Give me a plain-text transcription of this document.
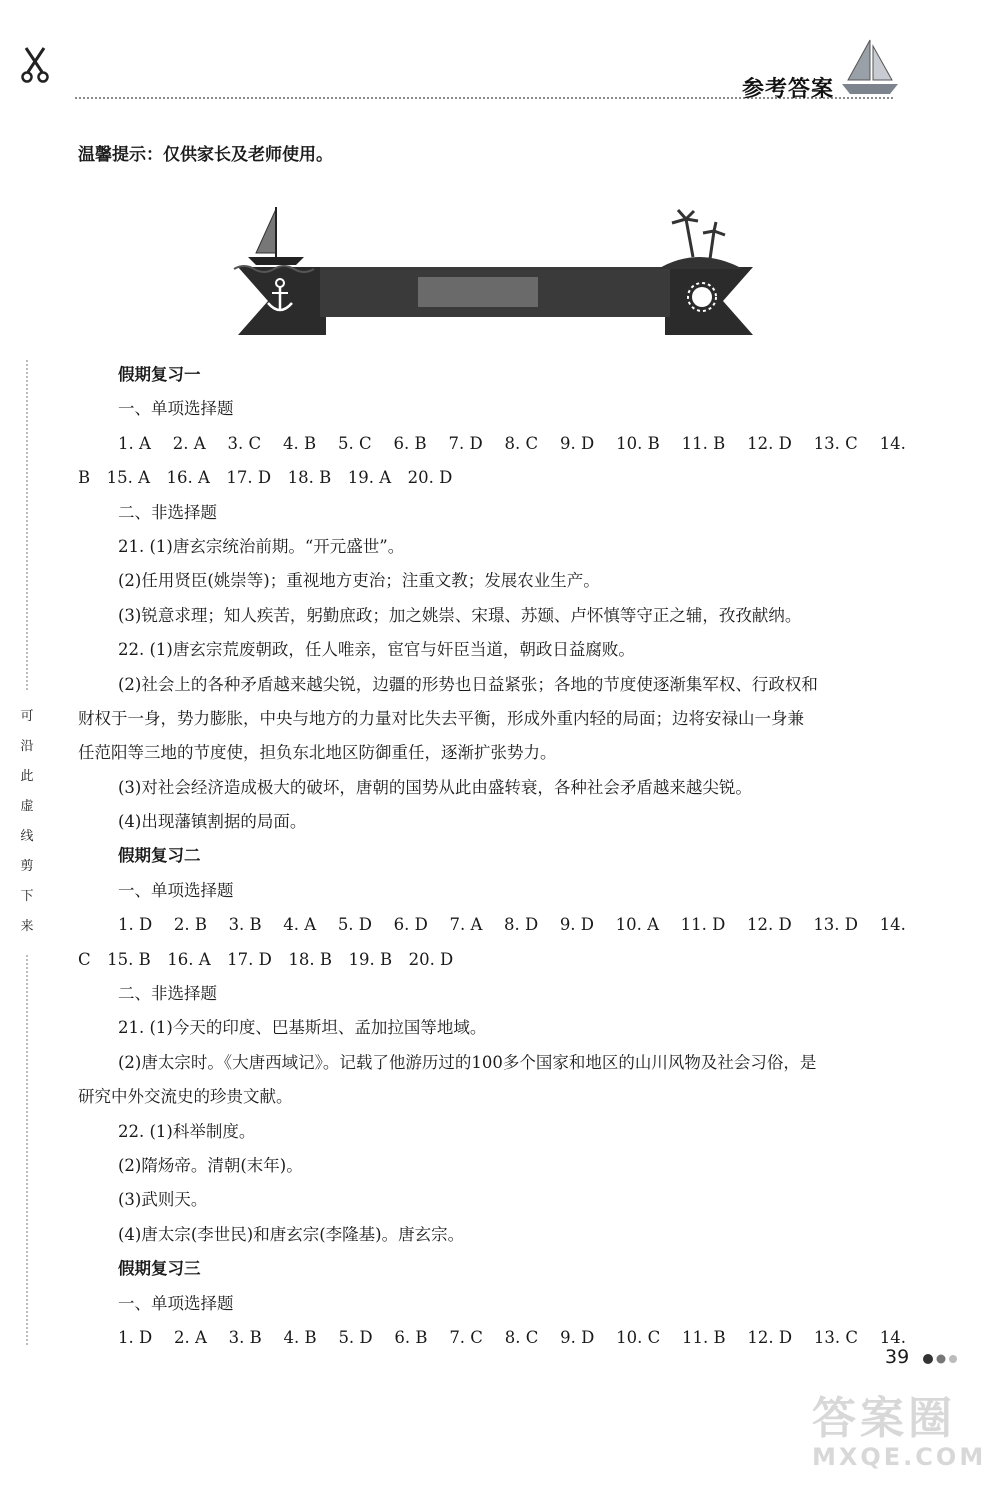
参考答案
温馨提示：仅供家长及老师使用。
可
沿
此
虚
线
剪
下
来
假期复习一
一、单项选择题
1. A 2. A 3. C 4. B 5. C 6. B 7. D 8. C 9. D 10. B 11. B 12. D 13. C 14.
B　15. A　16. A　17. D　18. B　19. A　20. D
二、非选择题
21. (1)唐玄宗统治前期。“开元盛世”。
(2)任用贤臣(姚崇等)；重视地方吏治；注重文教；发展农业生产。
(3)锐意求理；知人疾苦，躬勤庶政；加之姚崇、宋璟、苏颋、卢怀慎等守正之辅，孜孜献纳。
22. (1)唐玄宗荒废朝政，任人唯亲，宦官与奸臣当道，朝政日益腐败。
(2)社会上的各种矛盾越来越尖锐，边疆的形势也日益紧张；各地的节度使逐渐集军权、行政权和
财权于一身，势力膨胀，中央与地方的力量对比失去平衡，形成外重内轻的局面；边将安禄山一身兼
任范阳等三地的节度使，担负东北地区防御重任，逐渐扩张势力。
(3)对社会经济造成极大的破坏，唐朝的国势从此由盛转衰，各种社会矛盾越来越尖锐。
(4)出现藩镇割据的局面。
假期复习二
一、单项选择题
1. D 2. B 3. B 4. A 5. D 6. D 7. A 8. D 9. D 10. A 11. D 12. D 13. D 14.
C　15. B　16. A　17. D　18. B　19. B　20. D
二、非选择题
21. (1)今天的印度、巴基斯坦、孟加拉国等地域。
(2)唐太宗时。《大唐西域记》。记载了他游历过的100多个国家和地区的山川风物及社会习俗，是
研究中外交流史的珍贵文献。
22. (1)科举制度。
(2)隋炀帝。清朝(末年)。
(3)武则天。
(4)唐太宗(李世民)和唐玄宗(李隆基)。唐玄宗。
假期复习三
一、单项选择题
1. D 2. A 3. B 4. B 5. D 6. B 7. C 8. C 9. D 10. C 11. B 12. D 13. C 14.
39
答案圈
MXQE.COM
